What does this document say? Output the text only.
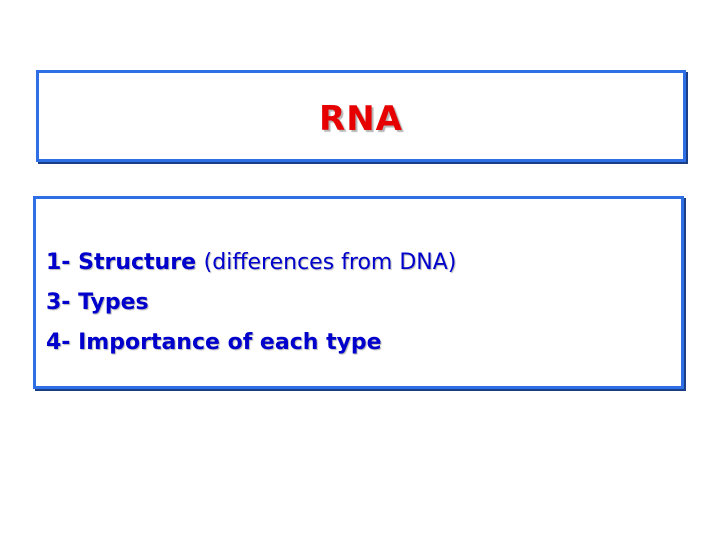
RNA
1- Structure (differences from DNA)
3- Types
4- Importance of each type
